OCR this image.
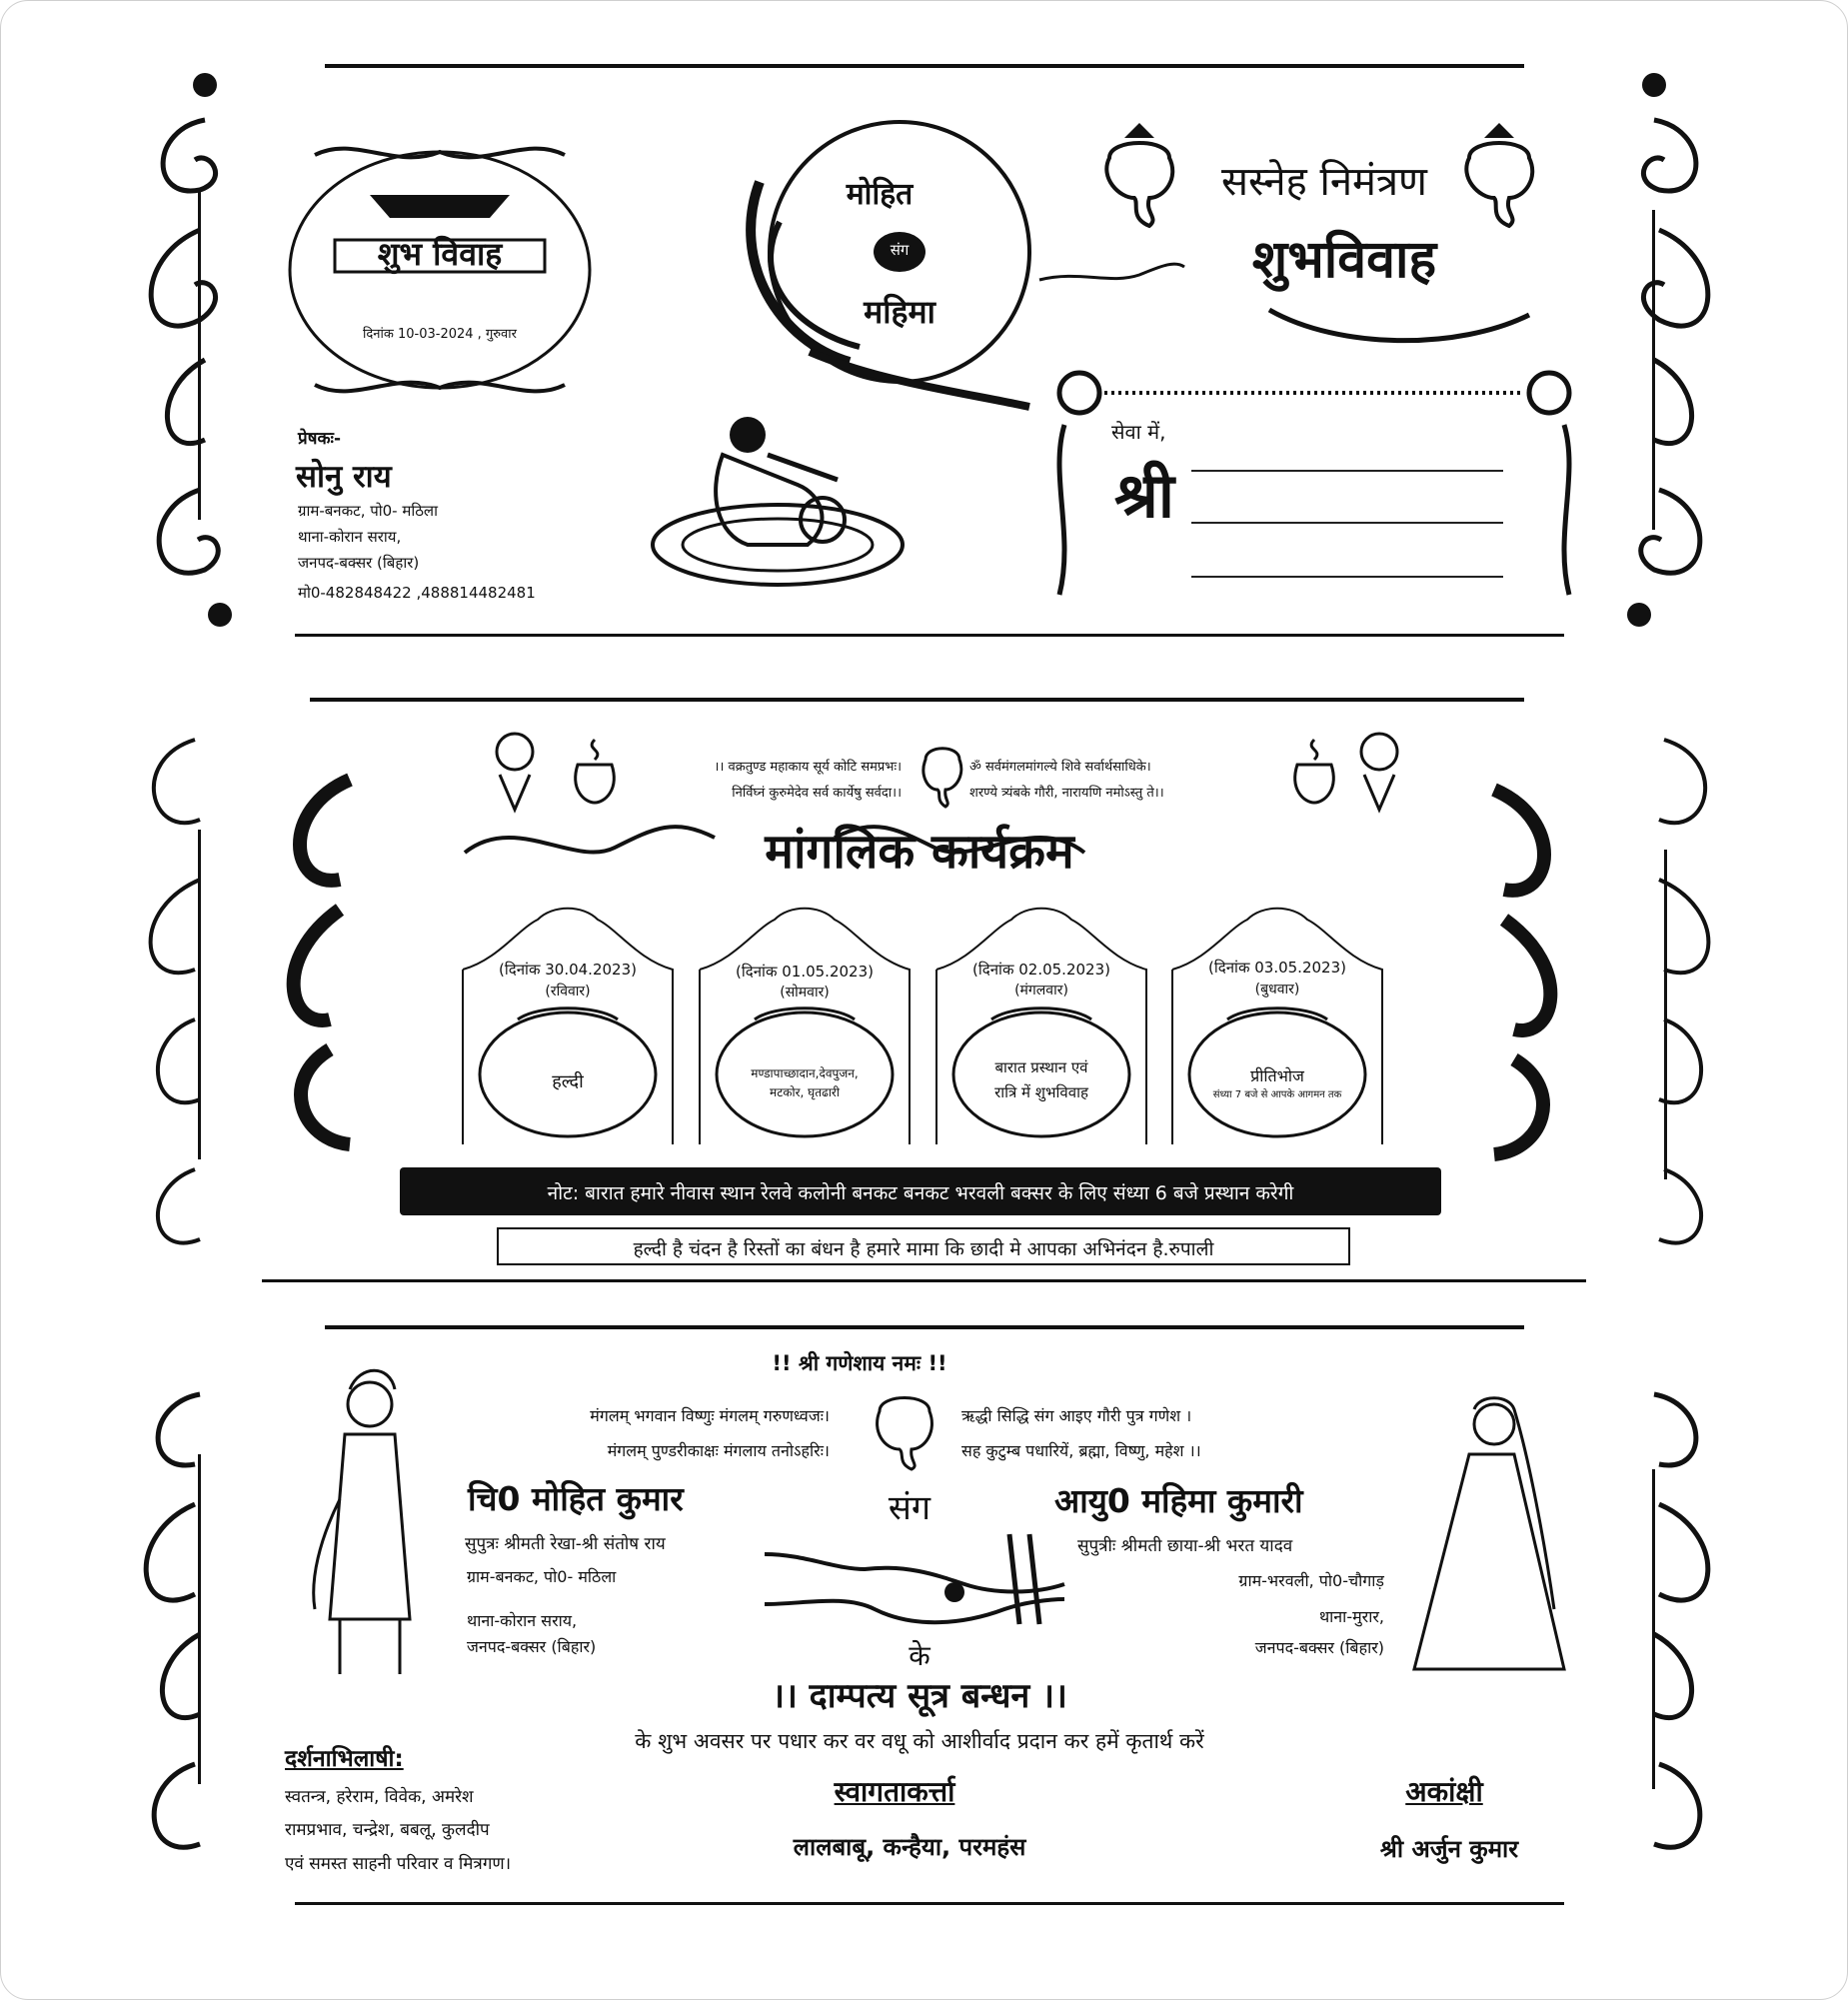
शुभ विवाह
दिनांक 10-03-2024 , गुरुवार
मोहित
संग
महिमा
प्रेषकः-
सोनु राय
ग्राम-बनकट, पो0- मठिला
थाना-कोरान सराय,
जनपद-बक्सर (बिहार)
मो0-482848422 ,488814482481
सस्नेह निमंत्रण
शुभविवाह
सेवा में,
श्री
।। वक्रतुण्ड महाकाय सूर्य कोटि समप्रभः।
निर्विघ्नं कुरुमेदेव सर्व कार्येषु सर्वदा।।
ॐ सर्वमंगलमांगल्ये शिवे सर्वार्थसाधिके।
शरण्ये त्र्यंबके गौरी, नारायणि नमोऽस्तु ते।।
मांगलिक कार्यक्रम
(दिनांक 30.04.2023)
(रविवार)
हल्दी
(दिनांक 01.05.2023)
(सोमवार)
मण्डापाच्छादान,देवपुजन,
मटकोर, घृतढारी
(दिनांक 02.05.2023)
(मंगलवार)
बारात प्रस्थान एवं
रात्रि में शुभविवाह
(दिनांक 03.05.2023)
(बुधवार)
प्रीतिभोज
संध्या 7 बजे से आपके आगमन तक
नोट: बारात हमारे नीवास स्थान रेलवे कलोनी बनकट बनकट भरवली बक्सर के लिए संध्या 6 बजे प्रस्थान करेगी
हल्दी है चंदन है रिस्तों का बंधन है हमारे मामा कि छादी मे आपका अभिनंदन है.रुपाली
!! श्री गणेशाय नमः !!
मंगलम् भगवान विष्णुः मंगलम् गरुणध्वजः।
मंगलम् पुण्डरीकाक्षः मंगलाय तनोऽहरिः।
ऋद्धी सिद्धि संग आइए गौरी पुत्र गणेश ।
सह कुटुम्ब पधारियें, ब्रह्मा, विष्णु, महेश ।।
चि0 मोहित कुमार
सुपुत्रः श्रीमती रेखा-श्री संतोष राय
ग्राम-बनकट, पो0- मठिला
थाना-कोरान सराय,
जनपद-बक्सर (बिहार)
संग	आयु0 महिमा कुमारी
सुपुत्रीः श्रीमती छाया-श्री भरत यादव
ग्राम-भरवली, पो0-चौगाड़
थाना-मुरार,
जनपद-बक्सर (बिहार)
के
।। दाम्पत्य सूत्र बन्धन ।।
के शुभ अवसर पर पधार कर वर वधू को आशीर्वाद प्रदान कर हमें कृतार्थ करें
दर्शनाभिलाषी:
स्वतन्त्र, हरेराम, विवेक, अमरेश
रामप्रभाव, चन्द्रेश, बबलू, कुलदीप
एवं समस्त साहनी परिवार व मित्रगण।
स्वागताकर्त्ता
लालबाबू, कन्हैया, परमहंस
अकांक्षी
श्री अर्जुन कुमार
